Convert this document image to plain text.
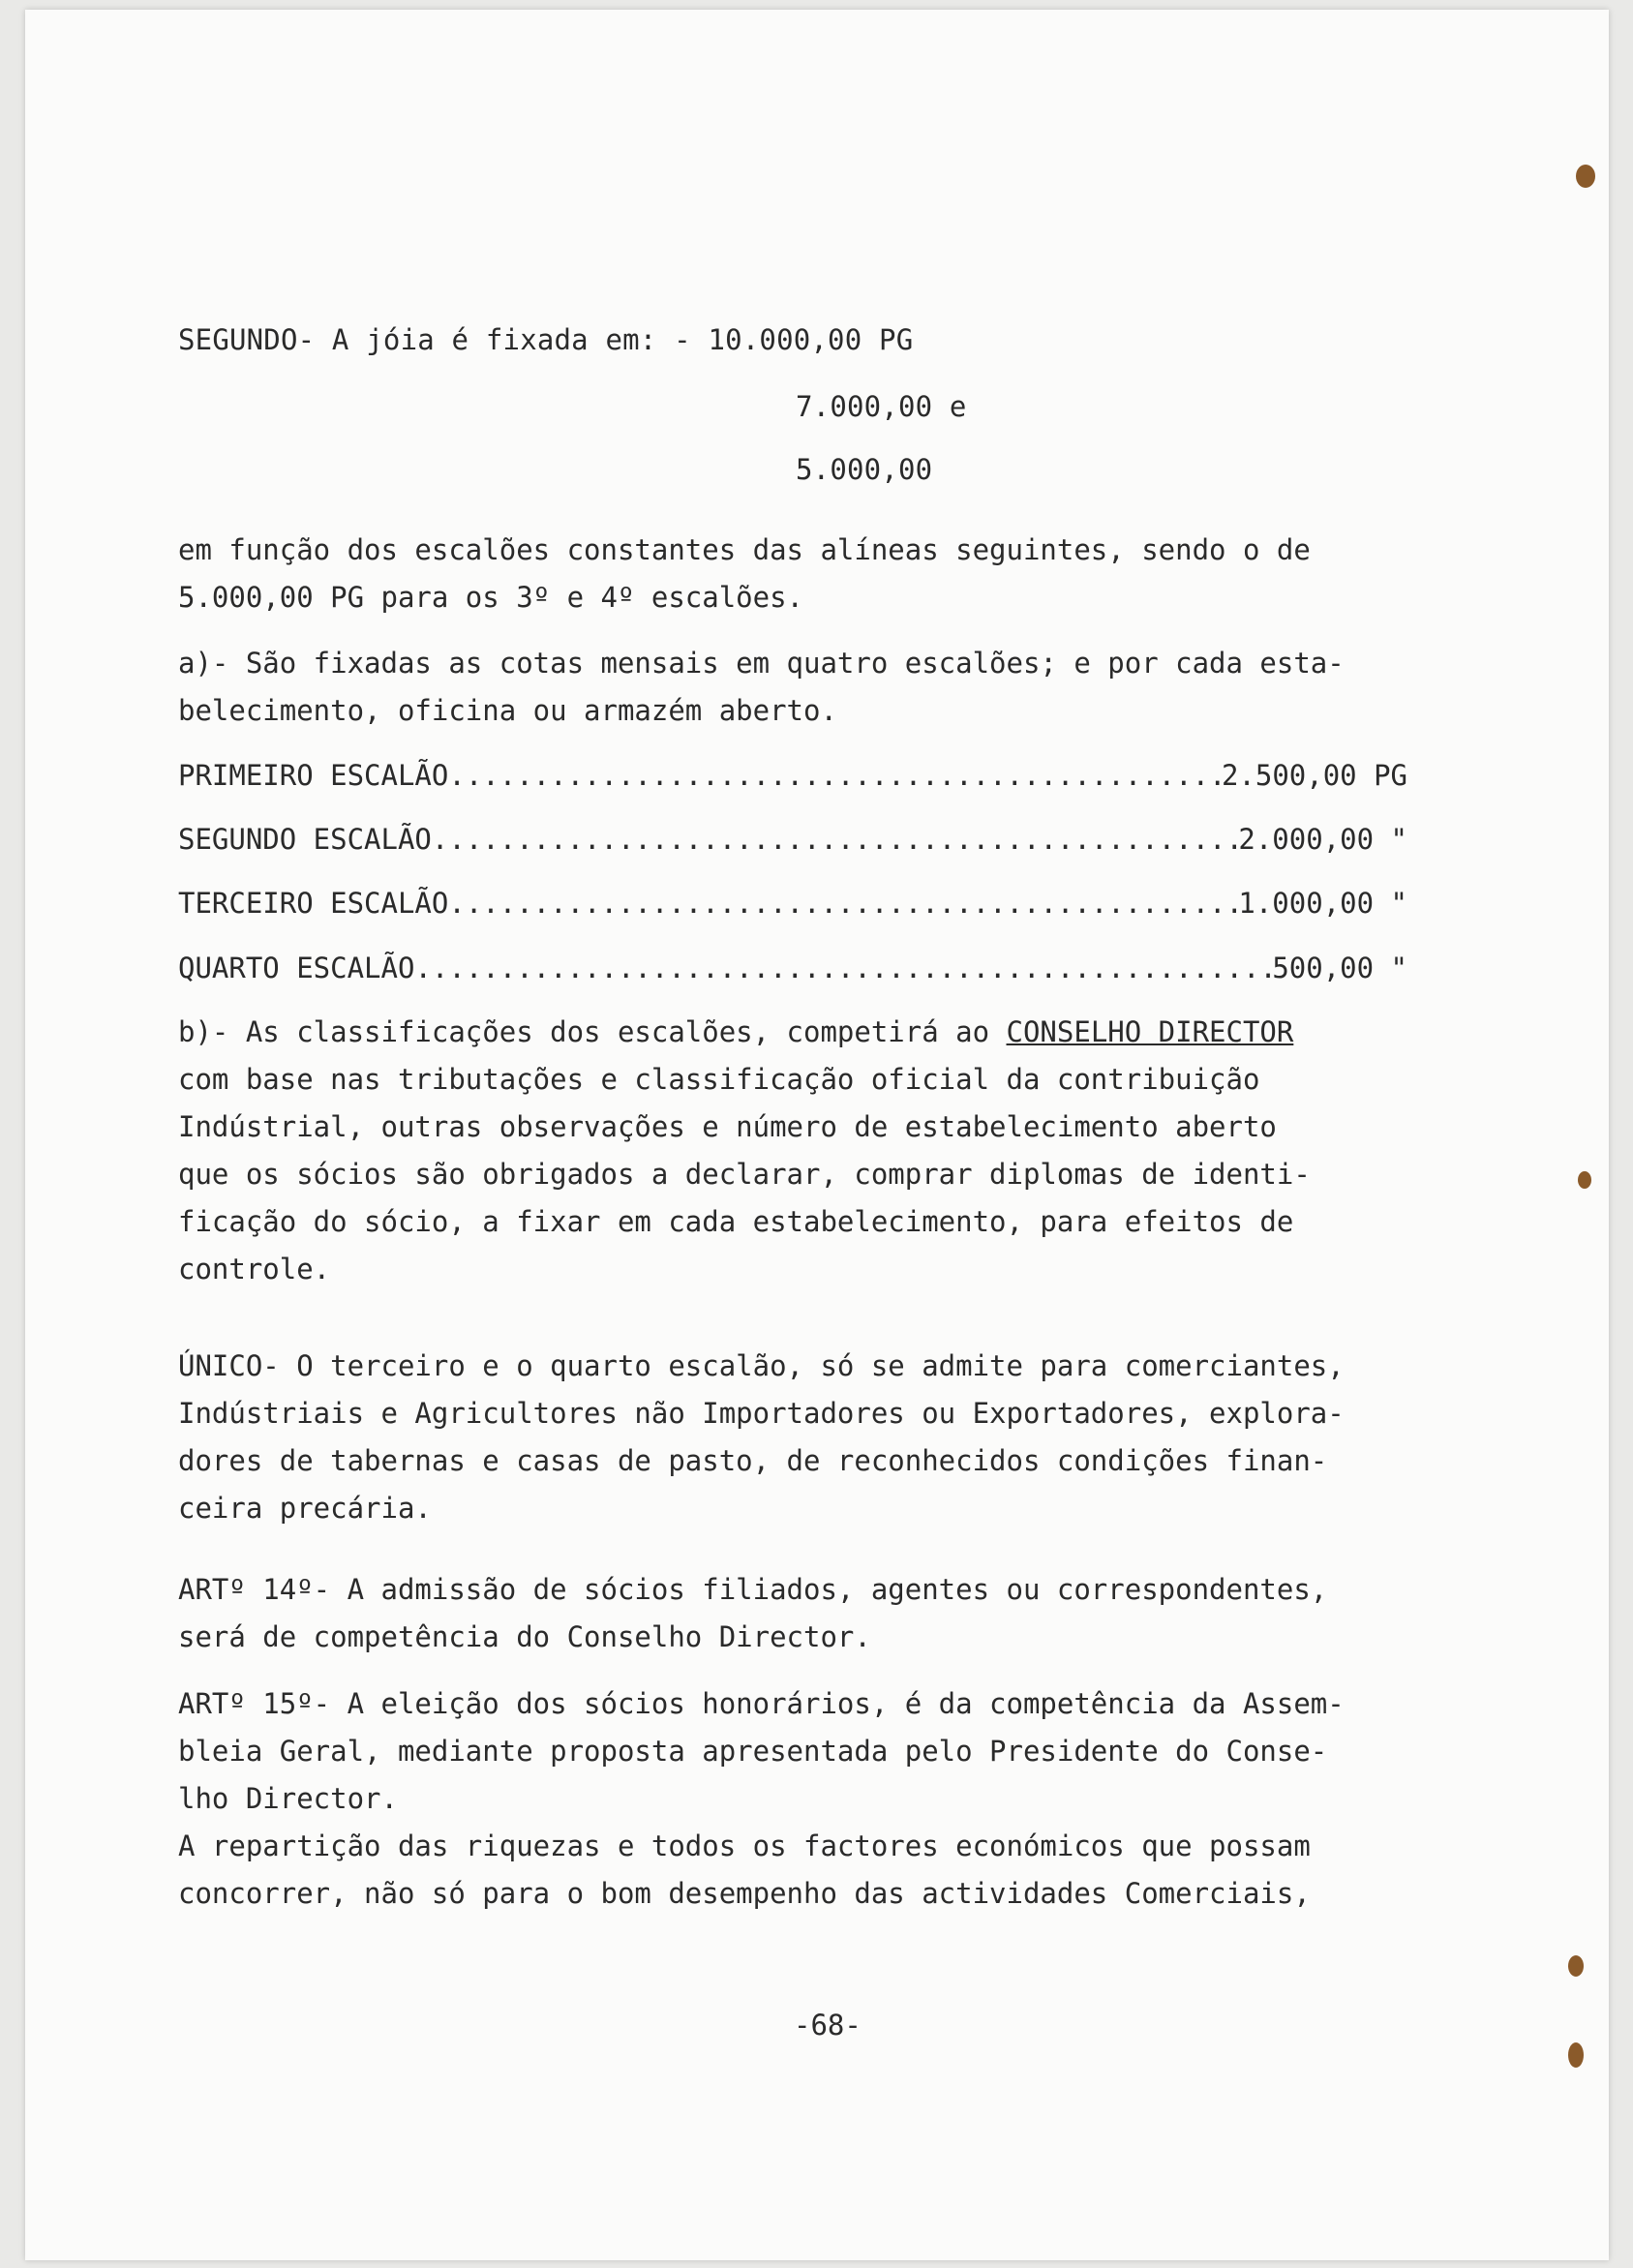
SEGUNDO- A jóia é fixada em: - 10.000,00 PG
7.000,00 e
5.000,00
em função dos escalões constantes das alíneas seguintes, sendo o de
5.000,00 PG para os 3º e 4º escalões.
a)- São fixadas as cotas mensais em quatro escalões; e por cada esta-
belecimento, oficina ou armazém aberto.
PRIMEIRO ESCALÃO .....	2.500,00 PG
SEGUNDO ESCALÃO .....	2.000,00 "
TERCEIRO ESCALÃO .....	1.000,00 "
QUARTO ESCALÃO .....	500,00 "
b)- As classificações dos escalões, competirá ao CONSELHO DIRECTOR
com base nas tributações e classificação oficial da contribuição
Indústrial, outras observações e número de estabelecimento aberto
que os sócios são obrigados a declarar, comprar diplomas de identi-
ficação do sócio, a fixar em cada estabelecimento, para efeitos de
controle.
ÚNICO- O terceiro e o quarto escalão, só se admite para comerciantes,
Indústriais e Agricultores não Importadores ou Exportadores, explora-
dores de tabernas e casas de pasto, de reconhecidos condições finan-
ceira precária.
ARTº 14º- A admissão de sócios filiados, agentes ou correspondentes,
será de competência do Conselho Director.
ARTº 15º- A eleição dos sócios honorários, é da competência da Assem-
bleia Geral, mediante proposta apresentada pelo Presidente do Conse-
lho Director.
A repartição das riquezas e todos os factores económicos que possam
concorrer, não só para o bom desempenho das actividades Comerciais,
-68-
